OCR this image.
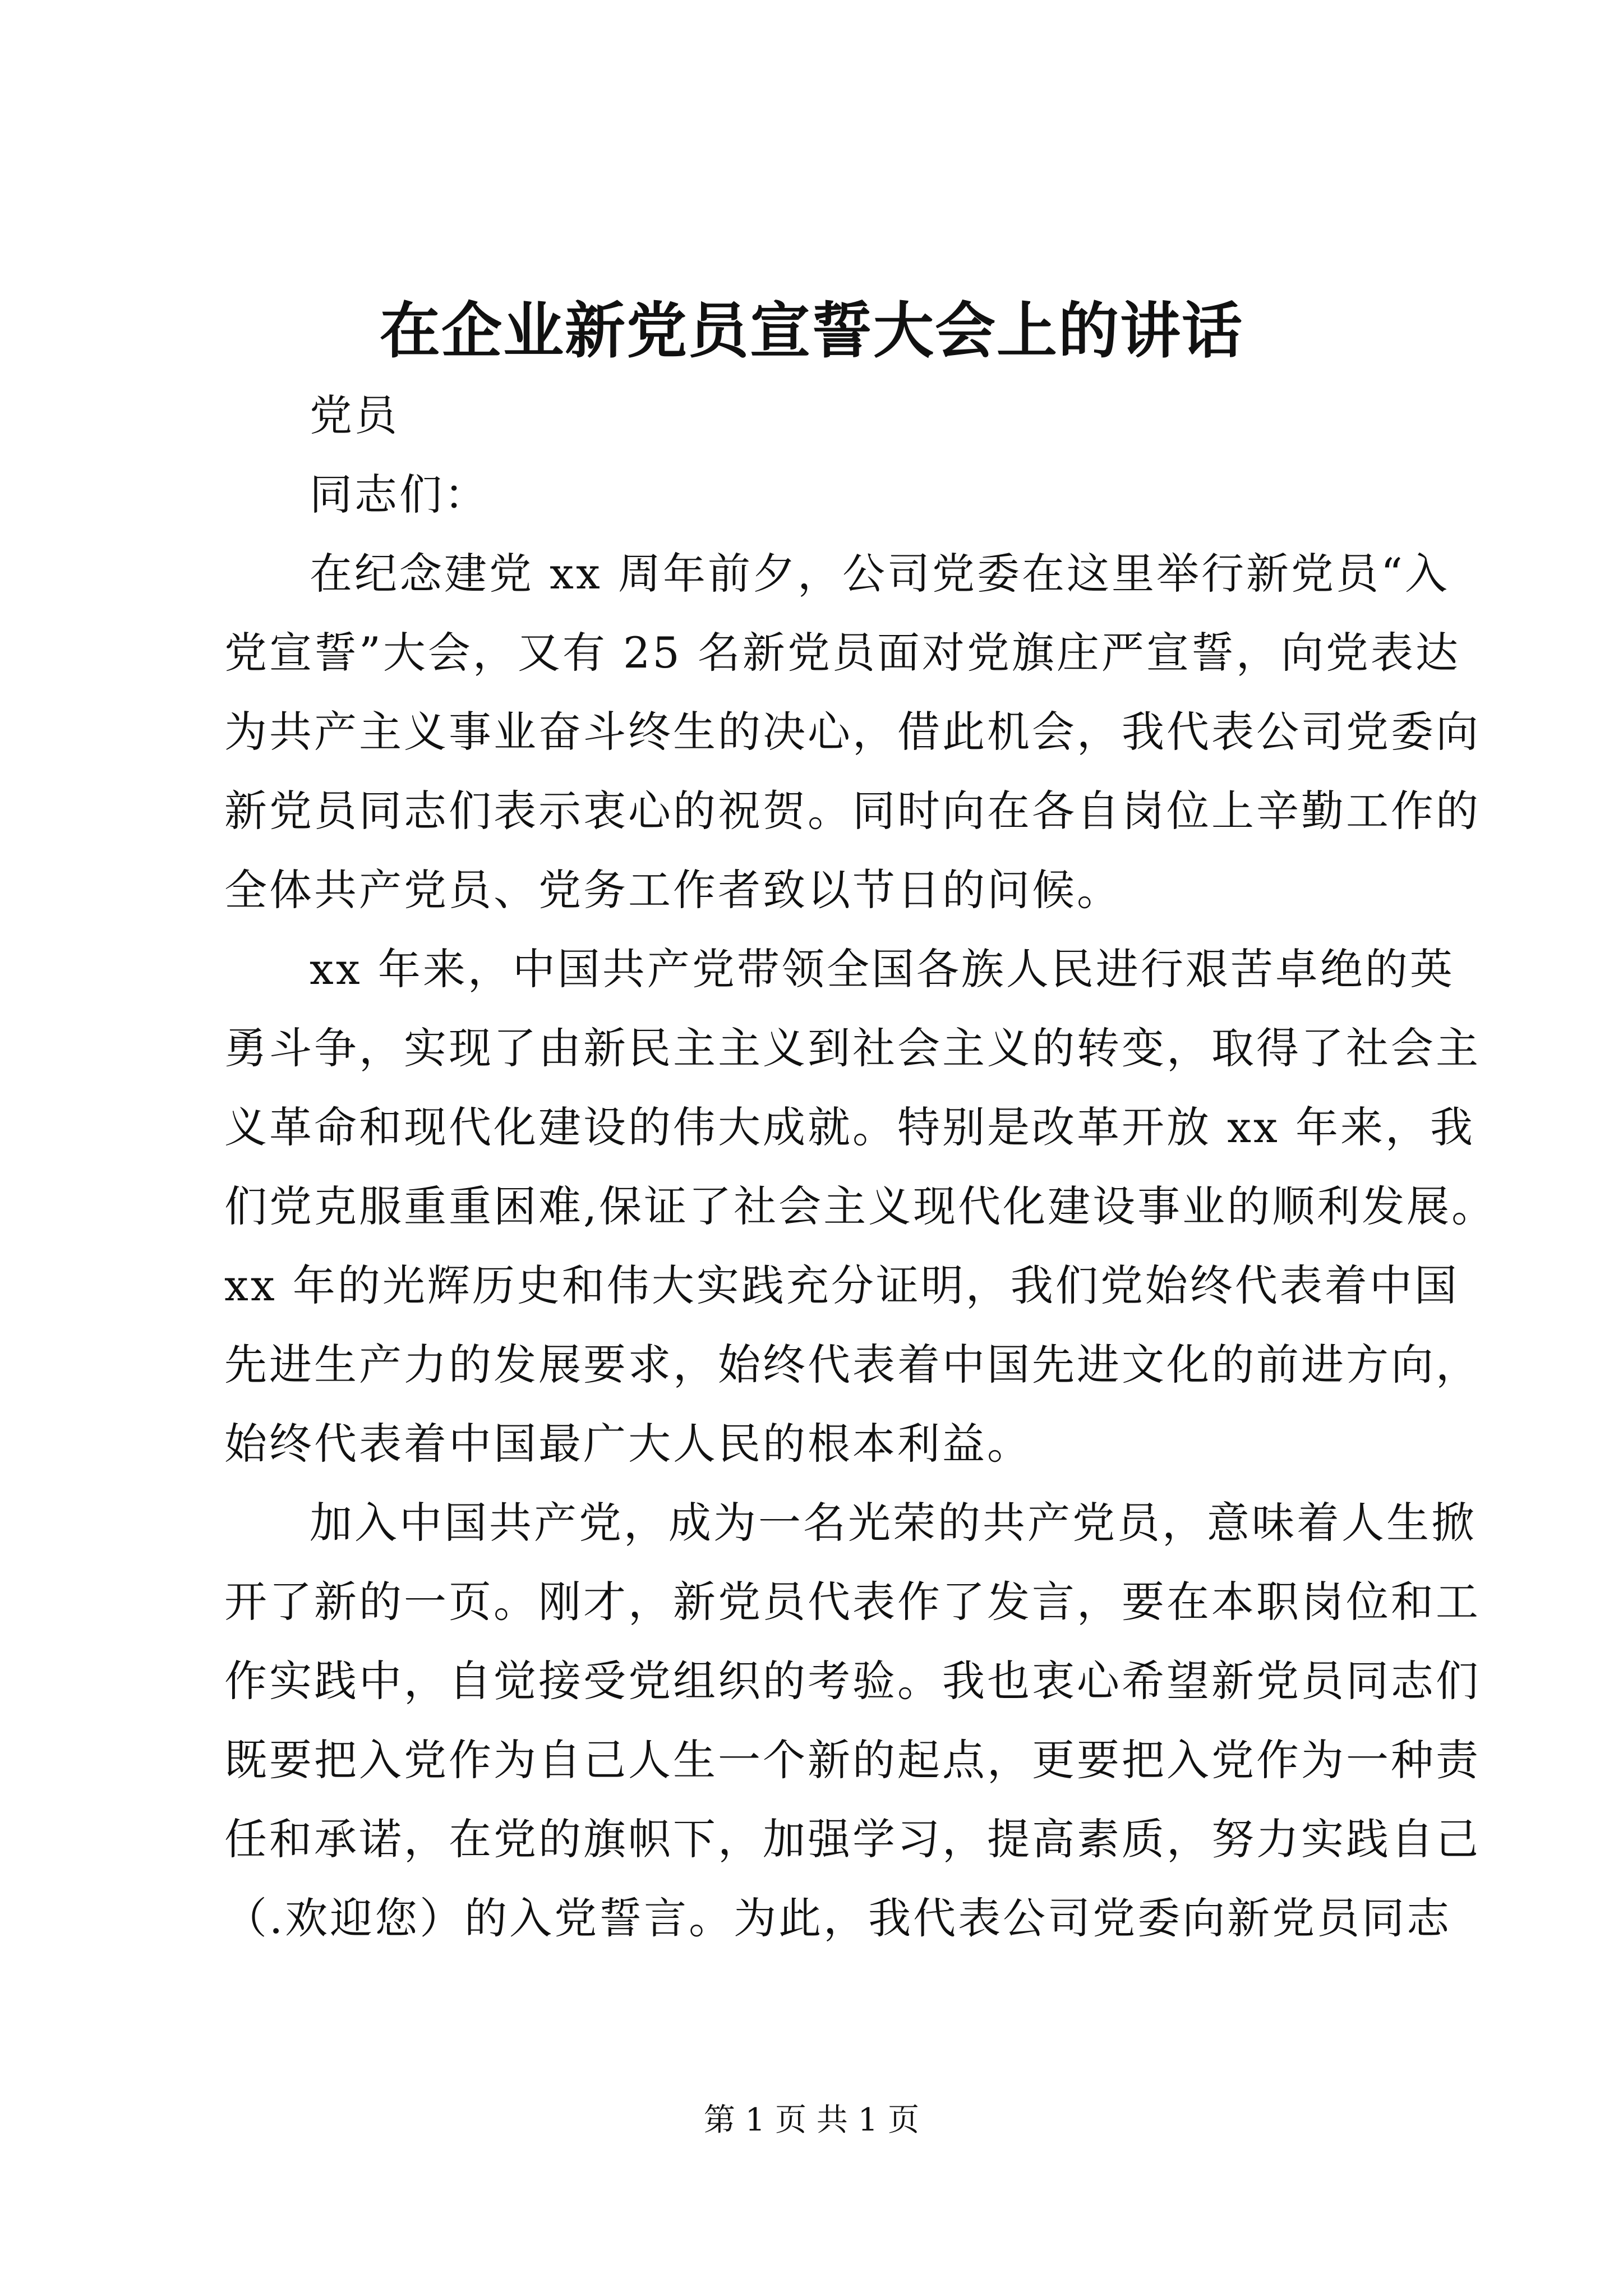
在企业新党员宣誓大会上的讲话
党员
同志们：
在纪念建党 xx 周年前夕，公司党委在这里举行新党员“入
党宣誓”大会，又有 25 名新党员面对党旗庄严宣誓，向党表达
为共产主义事业奋斗终生的决心，借此机会，我代表公司党委向
新党员同志们表示衷心的祝贺。同时向在各自岗位上辛勤工作的
全体共产党员、党务工作者致以节日的问候。
xx 年来，中国共产党带领全国各族人民进行艰苦卓绝的英
勇斗争，实现了由新民主主义到社会主义的转变，取得了社会主
义革命和现代化建设的伟大成就。特别是改革开放 xx 年来，我
们党克服重重困难,保证了社会主义现代化建设事业的顺利发展。
xx 年的光辉历史和伟大实践充分证明，我们党始终代表着中国
先进生产力的发展要求，始终代表着中国先进文化的前进方向，
始终代表着中国最广大人民的根本利益。
加入中国共产党，成为一名光荣的共产党员，意味着人生掀
开了新的一页。刚才，新党员代表作了发言，要在本职岗位和工
作实践中，自觉接受党组织的考验。我也衷心希望新党员同志们
既要把入党作为自己人生一个新的起点，更要把入党作为一种责
任和承诺，在党的旗帜下，加强学习，提高素质，努力实践自己
（.欢迎您）的入党誓言。为此，我代表公司党委向新党员同志
第 1 页 共 1 页
